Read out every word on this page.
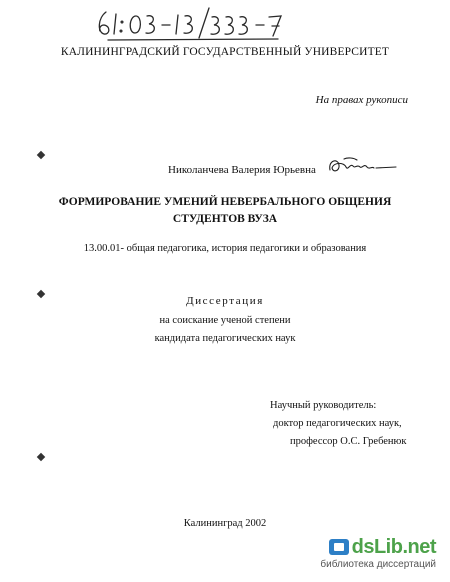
КАЛИНИНГРАДСКИЙ ГОСУДАРСТВЕННЫЙ УНИВЕРСИТЕТ
На правах рукописи
Николанчева Валерия Юрьевна
ФОРМИРОВАНИЕ УМЕНИЙ НЕВЕРБАЛЬНОГО ОБЩЕНИЯ
СТУДЕНТОВ ВУЗА
13.00.01- общая педагогика, история педагогики и образования
Диссертация
на соискание ученой степени
кандидата педагогических наук
Научный руководитель:
доктор педагогических наук,
профессор О.С. Гребенюк
Калининград 2002
dsLib.net
библиотека диссертаций
